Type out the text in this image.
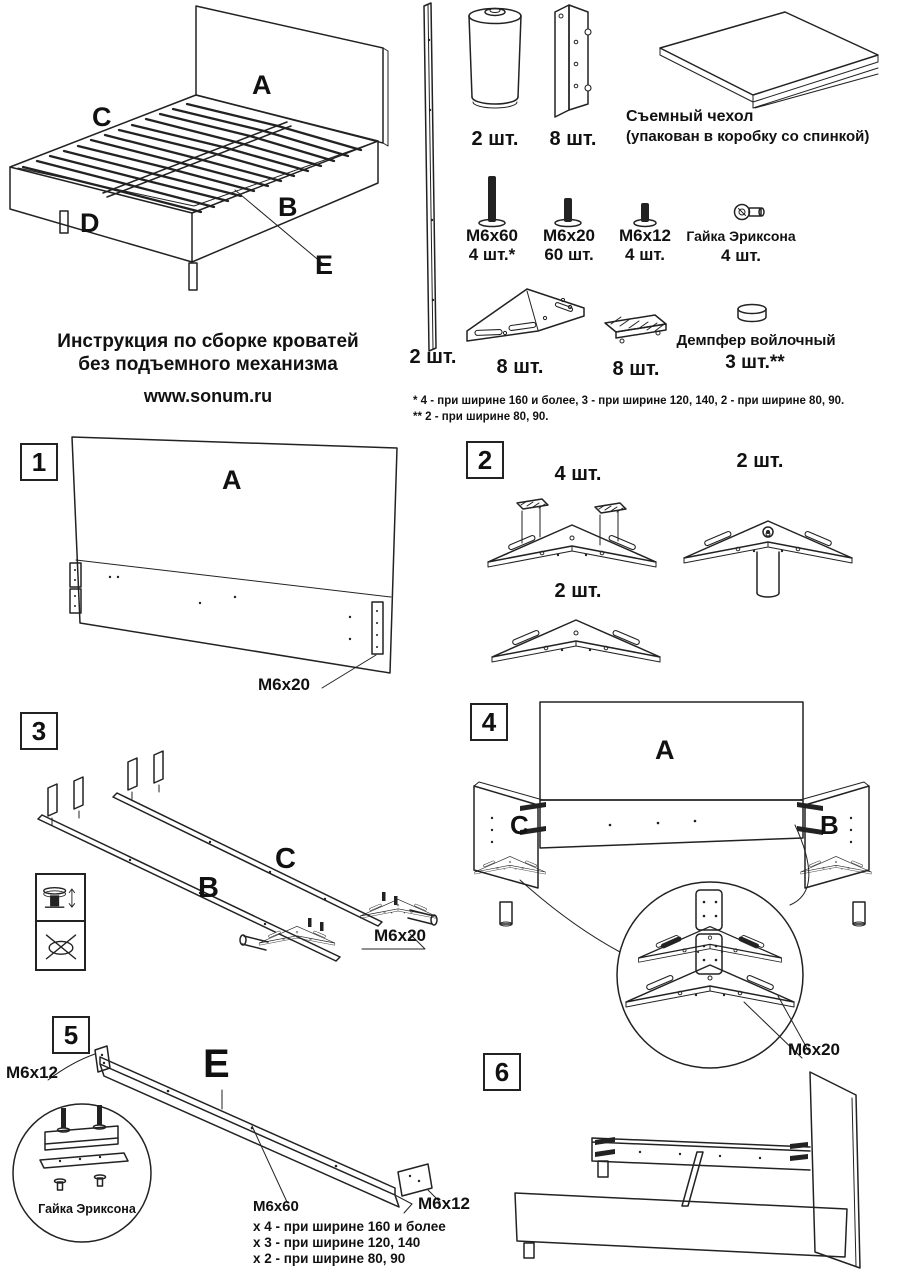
A
C
B
D
E
Инструкция по сборке кроватей
без подъемного механизма
www.sonum.ru
2 шт.
2 шт.	8 шт.
Съемный чехол
(упакован в коробку со спинкой)
М6х60
4 шт.*
М6х20
60 шт.
М6х12
4 шт.
Гайка Эриксона
4 шт.
8 шт.	8 шт.
Демпфер войлочный
3 шт.**
* 4 - при ширине 160 и более, 3 - при ширине 120, 140, 2 - при ширине 80, 90.
** 2 - при ширине 80, 90.
1
A
М6х20
2	4 шт.
2 шт.
2 шт.
3
B
C
М6х20
4
A
C	B
М6х20
5
E
М6х12
М6х12
Гайка Эриксона	М6х60
х 4 - при ширине 160 и более
х 3 - при ширине 120, 140
х 2 - при ширине 80, 90
6
